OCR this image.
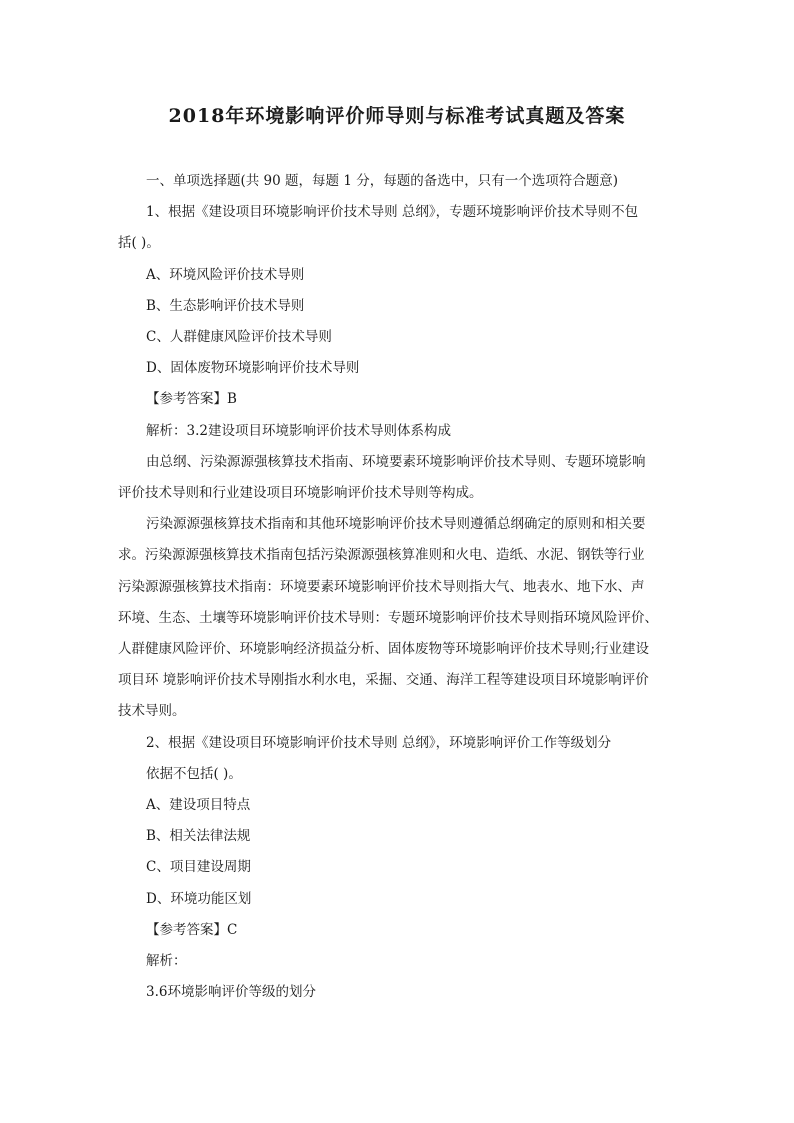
2018年环境影响评价师导则与标准考试真题及答案
一、单项选择题(共 90 题，每题 1 分，每题的备选中，只有一个选项符合题意)
1、根据《建设项目环境影响评价技术导则 总纲》，专题环境影响评价技术导则不包
括( )。
A、环境风险评价技术导则
B、生态影响评价技术导则
C、人群健康风险评价技术导则
D、固体废物环境影响评价技术导则
【参考答案】B
解析：3.2建设项目环境影响评价技术导则体系构成
由总纲、污染源源强核算技术指南、环境要素环境影响评价技术导则、专题环境影响
评价技术导则和行业建设项目环境影响评价技术导则等构成。
污染源源强核算技术指南和其他环境影响评价技术导则遵循总纲确定的原则和相关要
求。污染源源强核算技术指南包括污染源源强核算准则和火电、造纸、水泥、钢铁等行业
污染源源强核算技术指南：环境要素环境影响评价技术导则指大气、地表水、地下水、声
环境、生态、土壤等环境影响评价技术导则：专题环境影响评价技术导则指环境风险评价、
人群健康风险评价、环境影响经济损益分析、固体废物等环境影响评价技术导则;行业建设
项目环 境影响评价技术导刚指水利水电，采掘、交通、海洋工程等建设项目环境影响评价
技术导则。
2、根据《建设项目环境影响评价技术导则 总纲》，环境影响评价工作等级划分
依据不包括( )。
A、建设项目特点
B、相关法律法规
C、项目建设周期
D、环境功能区划
【参考答案】C
解析：
3.6环境影响评价等级的划分
